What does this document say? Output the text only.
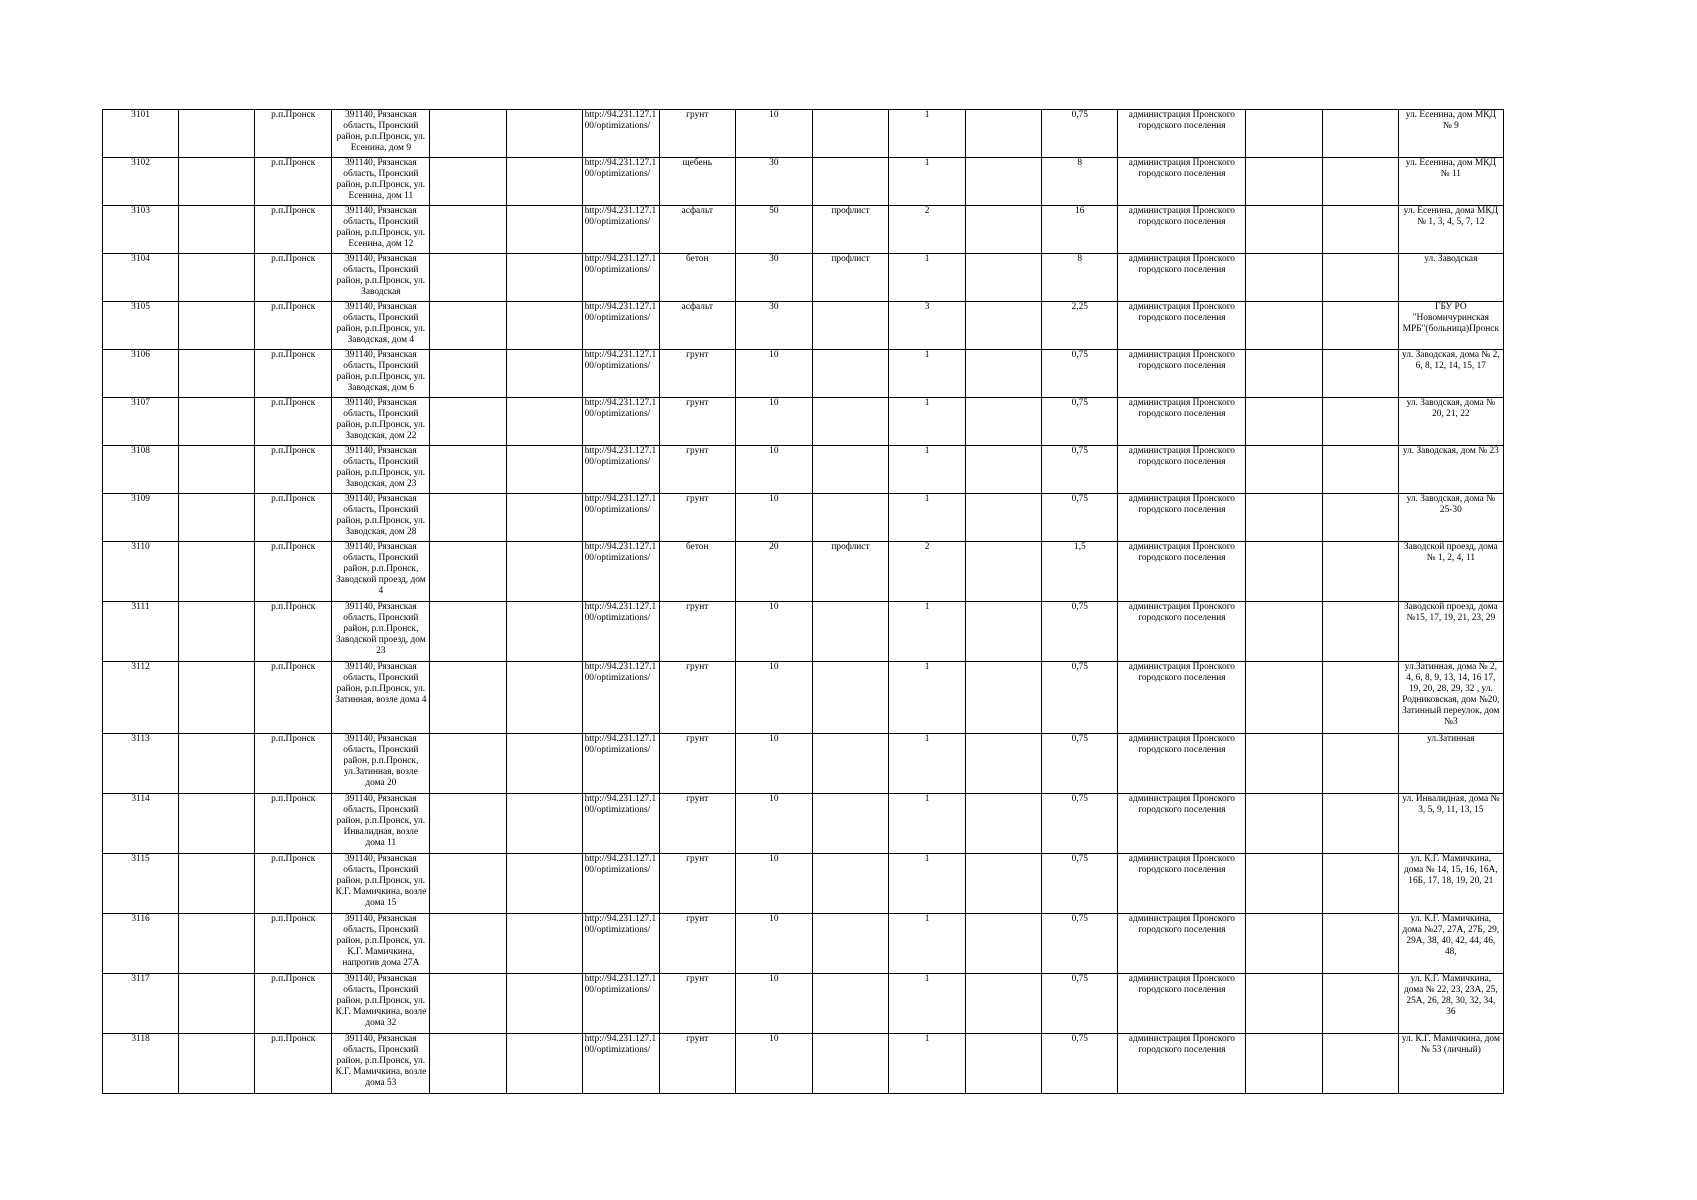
3101		р.п.Пронск	391140, Рязанская область, Пронский район, р.п.Пронск, ул. Есенина, дом 9			http://94.231.127.100/optimizations/	грунт	10		1		0,75	администрация Пронского городского поселения			ул. Есенина, дом МКД № 9
3102		р.п.Пронск	391140, Рязанская область, Пронский район, р.п.Пронск, ул. Есенина, дом 11			http://94.231.127.100/optimizations/	щебень	30		1		8	администрация Пронского городского поселения			ул. Есенина, дом МКД № 11
3103		р.п.Пронск	391140, Рязанская область, Пронский район, р.п.Пронск, ул. Есенина, дом 12			http://94.231.127.100/optimizations/	асфальт	50	профлист	2		16	администрация Пронского городского поселения			ул. Есенина, дома МКД № 1, 3, 4, 5, 7, 12
3104		р.п.Пронск	391140, Рязанская область, Пронский район, р.п.Пронск, ул. Заводская			http://94.231.127.100/optimizations/	бетон	30	профлист	1		8	администрация Пронского городского поселения			ул. Заводская
3105		р.п.Пронск	391140, Рязанская область, Пронский район, р.п.Пронск, ул. Заводская, дом 4			http://94.231.127.100/optimizations/	асфальт	30		3		2,25	администрация Пронского городского поселения			ГБУ РО "Новомичуринская МРБ"(больница)Пронск
3106		р.п.Пронск	391140, Рязанская область, Пронский район, р.п.Пронск, ул. Заводская, дом 6			http://94.231.127.100/optimizations/	грунт	10		1		0,75	администрация Пронского городского поселения			ул. Заводская, дома № 2, 6, 8, 12, 14, 15, 17
3107		р.п.Пронск	391140, Рязанская область, Пронский район, р.п.Пронск, ул. Заводская, дом 22			http://94.231.127.100/optimizations/	грунт	10		1		0,75	администрация Пронского городского поселения			ул. Заводская, дома № 20, 21, 22
3108		р.п.Пронск	391140, Рязанская область, Пронский район, р.п.Пронск, ул. Заводская, дом 23			http://94.231.127.100/optimizations/	грунт	10		1		0,75	администрация Пронского городского поселения			ул. Заводская, дом № 23
3109		р.п.Пронск	391140, Рязанская область, Пронский район, р.п.Пронск, ул. Заводская, дом 28			http://94.231.127.100/optimizations/	грунт	10		1		0,75	администрация Пронского городского поселения			ул. Заводская, дома № 25-30
3110		р.п.Пронск	391140, Рязанская область, Пронский район, р.п.Пронск, Заводской проезд, дом 4			http://94.231.127.100/optimizations/	бетон	20	профлист	2		1,5	администрация Пронского городского поселения			Заводской проезд, дома № 1, 2, 4, 11
3111		р.п.Пронск	391140, Рязанская область, Пронский район, р.п.Пронск, Заводской проезд, дом 23			http://94.231.127.100/optimizations/	грунт	10		1		0,75	администрация Пронского городского поселения			Заводской проезд, дома №15, 17, 19, 21, 23, 29
3112		р.п.Пронск	391140, Рязанская область, Пронский район, р.п.Пронск, ул. Затинная, возле дома 4			http://94.231.127.100/optimizations/	грунт	10		1		0,75	администрация Пронского городского поселения			ул.Затинная, дома № 2, 4, 6, 8, 9, 13, 14, 16 17, 19, 20, 28, 29, 32 , ул. Родниковская, дом №20, Затинный переулок, дом №3
3113		р.п.Пронск	391140, Рязанская область, Пронский район, р.п.Пронск, ул.Затинная, возле дома 20			http://94.231.127.100/optimizations/	грунт	10		1		0,75	администрация Пронского городского поселения			ул.Затинная
3114		р.п.Пронск	391140, Рязанская область, Пронский район, р.п.Пронск, ул. Инвалидная, возле дома 11			http://94.231.127.100/optimizations/	грунт	10		1		0,75	администрация Пронского городского поселения			ул. Инвалидная, дома № 3, 5, 9, 11, 13, 15
3115		р.п.Пронск	391140, Рязанская область, Пронский район, р.п.Пронск, ул. К.Г. Мамичкина, возле дома 15			http://94.231.127.100/optimizations/	грунт	10		1		0,75	администрация Пронского городского поселения			ул. К.Г. Мамичкина, дома № 14, 15, 16, 16А, 16Б, 17, 18, 19, 20, 21
3116		р.п.Пронск	391140, Рязанская область, Пронский район, р.п.Пронск, ул. К.Г. Мамичкина, напротив дома 27А			http://94.231.127.100/optimizations/	грунт	10		1		0,75	администрация Пронского городского поселения			ул. К.Г. Мамичкина, дома №27, 27А, 27Б, 29, 29А, 38, 40, 42, 44, 46, 48,
3117		р.п.Пронск	391140, Рязанская область, Пронский район, р.п.Пронск, ул. К.Г. Мамичкина, возле дома 32			http://94.231.127.100/optimizations/	грунт	10		1		0,75	администрация Пронского городского поселения			ул. К.Г. Мамичкина, дома № 22, 23, 23А, 25, 25А, 26, 28, 30, 32, 34, 36
3118		р.п.Пронск	391140, Рязанская область, Пронский район, р.п.Пронск, ул. К.Г. Мамичкина, возле дома 53			http://94.231.127.100/optimizations/	грунт	10		1		0,75	администрация Пронского городского поселения			ул. К.Г. Мамичкина, дом № 53 (личный)
